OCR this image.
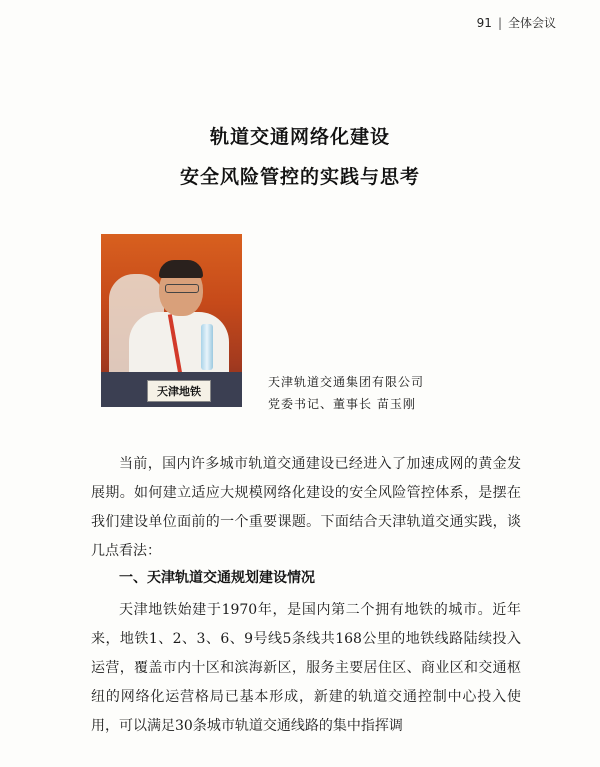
91 | 全体会议
轨道交通网络化建设
安全风险管控的实践与思考
天津地铁
天津轨道交通集团有限公司
党委书记、董事长 苗玉刚

当前，国内许多城市轨道交通建设已经进入了加速成网的黄金发展期。如何建立适应大规模网络化建设的安全风险管控体系，是摆在我们建设单位面前的一个重要课题。下面结合天津轨道交通实践，谈几点看法：

一、天津轨道交通规划建设情况

天津地铁始建于1970年，是国内第二个拥有地铁的城市。近年来，地铁1、2、3、6、9号线5条线共168公里的地铁线路陆续投入运营，覆盖市内十区和滨海新区，服务主要居住区、商业区和交通枢纽的网络化运营格局已基本形成，新建的轨道交通控制中心投入使用，可以满足30条城市轨道交通线路的集中指挥调
